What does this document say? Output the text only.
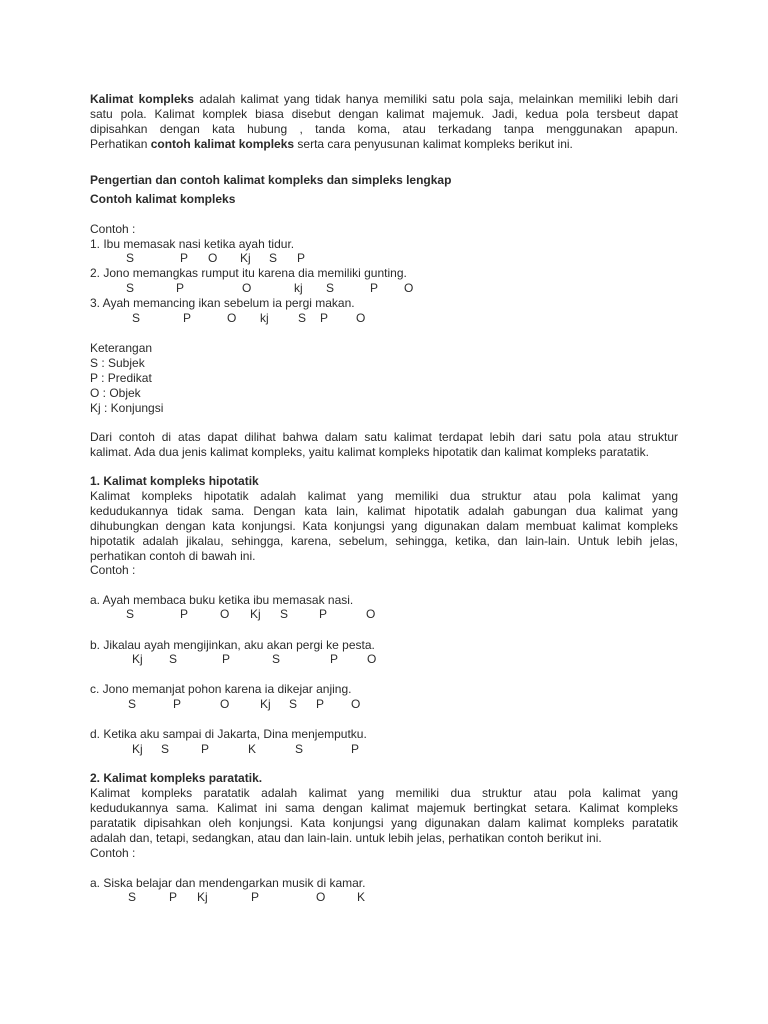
Kalimat kompleks adalah kalimat yang tidak hanya memiliki satu pola saja, melainkan memiliki lebih dari
satu pola. Kalimat komplek biasa disebut dengan kalimat majemuk. Jadi, kedua pola tersbeut dapat
dipisahkan dengan kata hubung , tanda koma, atau terkadang tanpa menggunakan apapun.
Perhatikan contoh kalimat kompleks serta cara penyusunan kalimat kompleks berikut ini.
Pengertian dan contoh kalimat kompleks dan simpleks lengkap
Contoh kalimat kompleks
Contoh :
1. Ibu memasak nasi ketika ayah tidur.
S	P O Kj S P
2. Jono memangkas rumput itu karena dia memiliki gunting.
S	P	O	kj S	P O
3. Ayah memancing ikan sebelum ia pergi makan.
S	P	O kj S P O
Keterangan
S : Subjek
P : Predikat
O : Objek
Kj : Konjungsi
Dari contoh di atas dapat dilihat bahwa dalam satu kalimat terdapat lebih dari satu pola atau struktur
kalimat. Ada dua jenis kalimat kompleks, yaitu kalimat kompleks hipotatik dan kalimat kompleks paratatik.
1. Kalimat kompleks hipotatik
Kalimat kompleks hipotatik adalah kalimat yang memiliki dua struktur atau pola kalimat yang
kedudukannya tidak sama. Dengan kata lain, kalimat hipotatik adalah gabungan dua kalimat yang
dihubungkan dengan kata konjungsi. Kata konjungsi yang digunakan dalam membuat kalimat kompleks
hipotatik adalah jikalau, sehingga, karena, sebelum, sehingga, ketika, dan lain-lain. Untuk lebih jelas,
perhatikan contoh di bawah ini.
Contoh :
a. Ayah membaca buku ketika ibu memasak nasi.
S	P	O Kj S	P	O
b. Jikalau ayah mengijinkan, aku akan pergi ke pesta.
Kj S	P	S	P O
c. Jono memanjat pohon karena ia dikejar anjing.
S	P	O	Kj S P O
d. Ketika aku sampai di Jakarta, Dina menjemputku.
Kj S	P	K	S	P
2. Kalimat kompleks paratatik.
Kalimat kompleks paratatik adalah kalimat yang memiliki dua struktur atau pola kalimat yang
kedudukannya sama. Kalimat ini sama dengan kalimat majemuk bertingkat setara. Kalimat kompleks
paratatik dipisahkan oleh konjungsi. Kata konjungsi yang digunakan dalam kalimat kompleks paratatik
adalah dan, tetapi, sedangkan, atau dan lain-lain. untuk lebih jelas, perhatikan contoh berikut ini.
Contoh :
a. Siska belajar dan mendengarkan musik di kamar.
S	P Kj	P	O	K
